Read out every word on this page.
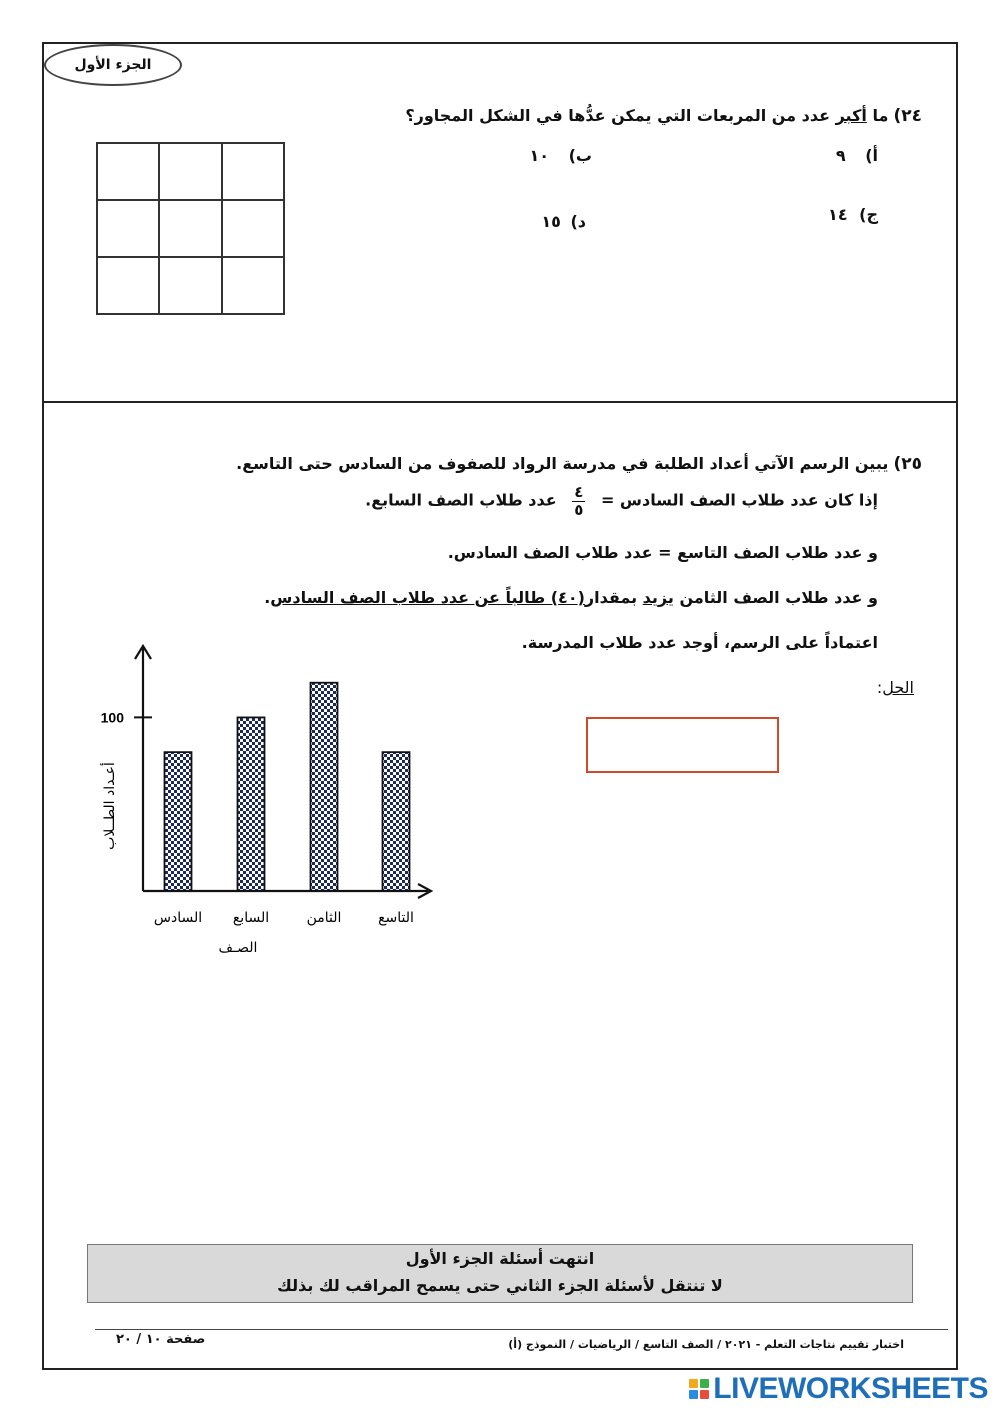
الجزء الأول
٢٤) ما أكبر عدد من المربعات التي يمكن عدُّها في الشكل المجاور؟
أ) ٩
ب) ١٠
ج) ١٤
د) ١٥
٢٥) يبين الرسم الآتي أعداد الطلبة في مدرسة الرواد للصفوف من السادس حتى التاسع.
إذا كان عدد طلاب الصف السادس =
$\frac{٤}{٥}$
عدد طلاب الصف السابع.
و عدد طلاب الصف التاسع = عدد طلاب الصف السادس.
و عدد طلاب الصف الثامن يزيد بمقدار(٤٠) طالباً عن عدد طلاب الصف السادس.
اعتماداً على الرسم، أوجد عدد طلاب المدرسة.
الحل:
100
السادس السابع	الثامن	التاسع
الصـف
أعـداد الطــلاب
انتهت أسئلة الجزء الأول
لا تنتقل لأسئلة الجزء الثاني حتى يسمح المراقب لك بذلك
صفحة ١٠ / ٢٠	اختبار تقييم نتاجات التعلم - ٢٠٢١ / الصف التاسع / الرياضيات / النموذج (أ)
LIVEWORKSHEETS
